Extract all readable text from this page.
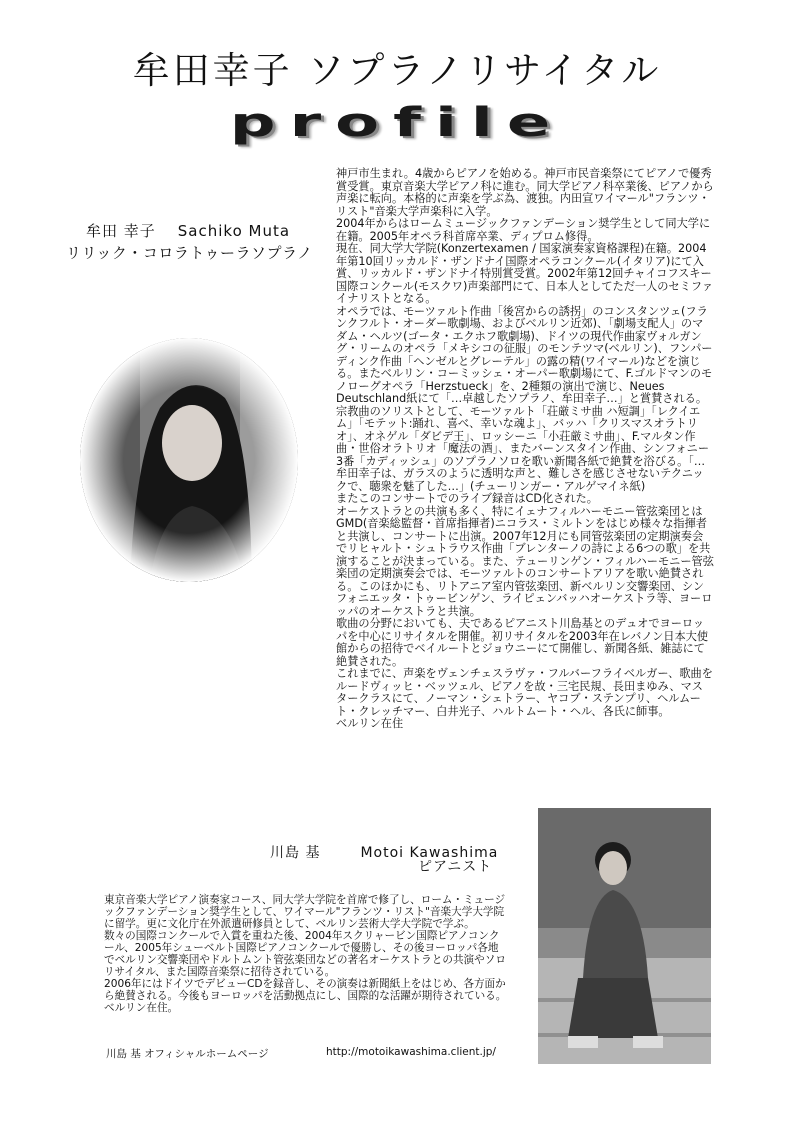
牟田幸子 ソプラノリサイタル
profile
牟田 幸子 Sachiko Muta
リリック・コロラトゥーラソプラノ

神戸市生まれ。4歳からピアノを始める。神戸市民音楽祭にてピアノで優秀賞受賞。東京音楽大学ピアノ科に進む。同大学ピアノ科卒業後、ピアノから声楽に転向。本格的に声楽を学ぶ為、渡独。内田宣ワイマール"フランツ・リスト"音楽大学声楽科に入学。

2004年からはロームミュージックファンデーション奨学生として同大学に在籍。2005年オペラ科首席卒業、ディプロム修得。

現在、同大学大学院(Konzertexamen / 国家演奏家資格課程)在籍。2004年第10回リッカルド・ザンドナイ国際オペラコンクール(イタリア)にて入賞、リッカルド・ザンドナイ特別賞受賞。2002年第12回チャイコフスキー国際コンクール(モスクワ)声楽部門にて、日本人としてただ一人のセミファイナリストとなる。

オペラでは、モーツァルト作曲「後宮からの誘拐」のコンスタンツェ(フランクフルト・オーダー歌劇場、およびベルリン近郊)、「劇場支配人」のマダム・ヘルツ(ゴータ・エクホフ歌劇場)、ドイツの現代作曲家ヴォルガング・リームのオペラ「メキシコの征服」のモンテツマ(ベルリン)、フンパーディンク作曲「ヘンゼルとグレーテル」の露の精(ワイマール)などを演じる。またベルリン・コーミッシェ・オーパー歌劇場にて、F.ゴルドマンのモノローグオペラ「Herzstueck」を、2種類の演出で演じ、Neues Deutschland紙にて「…卓越したソプラノ、牟田幸子…」と賞賛される。

宗教曲のソリストとして、モーツァルト「荘厳ミサ曲 ハ短調」「レクイエム」「モテット:踊れ、喜べ、幸いな魂よ」、バッハ「クリスマスオラトリオ」、オネゲル「ダビデ王」、ロッシーニ「小荘厳ミサ曲」、F.マルタン作曲・世俗オラトリオ「魔法の酒」、またバーンスタイン作曲、シンフォニー3番「カディッシュ」のソプラノソロを歌い新聞各紙で絶賛を浴びる。「…牟田幸子は、ガラスのように透明な声と、難しさを感じさせないテクニックで、聴衆を魅了した…」(チューリンガー・アルゲマイネ紙)

またこのコンサートでのライブ録音はCD化された。

オーケストラとの共演も多く、特にイェナフィルハーモニー管弦楽団とはGMD(音楽総監督・首席指揮者)ニコラス・ミルトンをはじめ様々な指揮者と共演し、コンサートに出演。2007年12月にも同管弦楽団の定期演奏会でリヒャルト・シュトラウス作曲「ブレンターノの詩による6つの歌」を共演することが決まっている。また、テューリンゲン・フィルハーモニー管弦楽団の定期演奏会では、モーツァルトのコンサートアリアを歌い絶賛される。このほかにも、リトアニア室内管弦楽団、新ベルリン交響楽団、シンフォニエッタ・トゥービンゲン、ライピェンバッハオーケストラ等、ヨーロッパのオーケストラと共演。

歌曲の分野においても、夫であるピアニスト川島基とのデュオでヨーロッパを中心にリサイタルを開催。初リサイタルを2003年在レバノン日本大使館からの招待でベイルートとジョウニーにて開催し、新聞各紙、雑誌にて絶賛された。

これまでに、声楽をヴェンチェスラヴァ・フルバーフライベルガー、歌曲をルードヴィッヒ・ベッツェル、ピアノを故・三宅民規、長田まゆみ、マスタークラスにて、ノーマン・シェトラー、ヤコブ・ステンプリ、ヘルムート・クレッチマー、白井光子、ハルトムート・ヘル、各氏に師事。

ベルリン在住

川島 基	Motoi Kawashima
ピアニスト

東京音楽大学ピアノ演奏家コース、同大学大学院を首席で修了し、ローム・ミュージックファンデーション奨学生として、ワイマール"フランツ・リスト"音楽大学大学院に留学。更に文化庁在外派遣研修員として、ベルリン芸術大学大学院で学ぶ。

数々の国際コンクールで入賞を重ねた後、2004年スクリャービン国際ピアノコンクール、2005年シューベルト国際ピアノコンクールで優勝し、その後ヨーロッパ各地でベルリン交響楽団やドルトムント管弦楽団などの著名オーケストラとの共演やソロリサイタル、また国際音楽祭に招待されている。

2006年にはドイツでデビューCDを録音し、その演奏は新聞紙上をはじめ、各方面から絶賛される。今後もヨーロッパを活動拠点にし、国際的な活躍が期待されている。 ベルリン在住。

川島 基 オフィシャルホームページ	http://motoikawashima.client.jp/
